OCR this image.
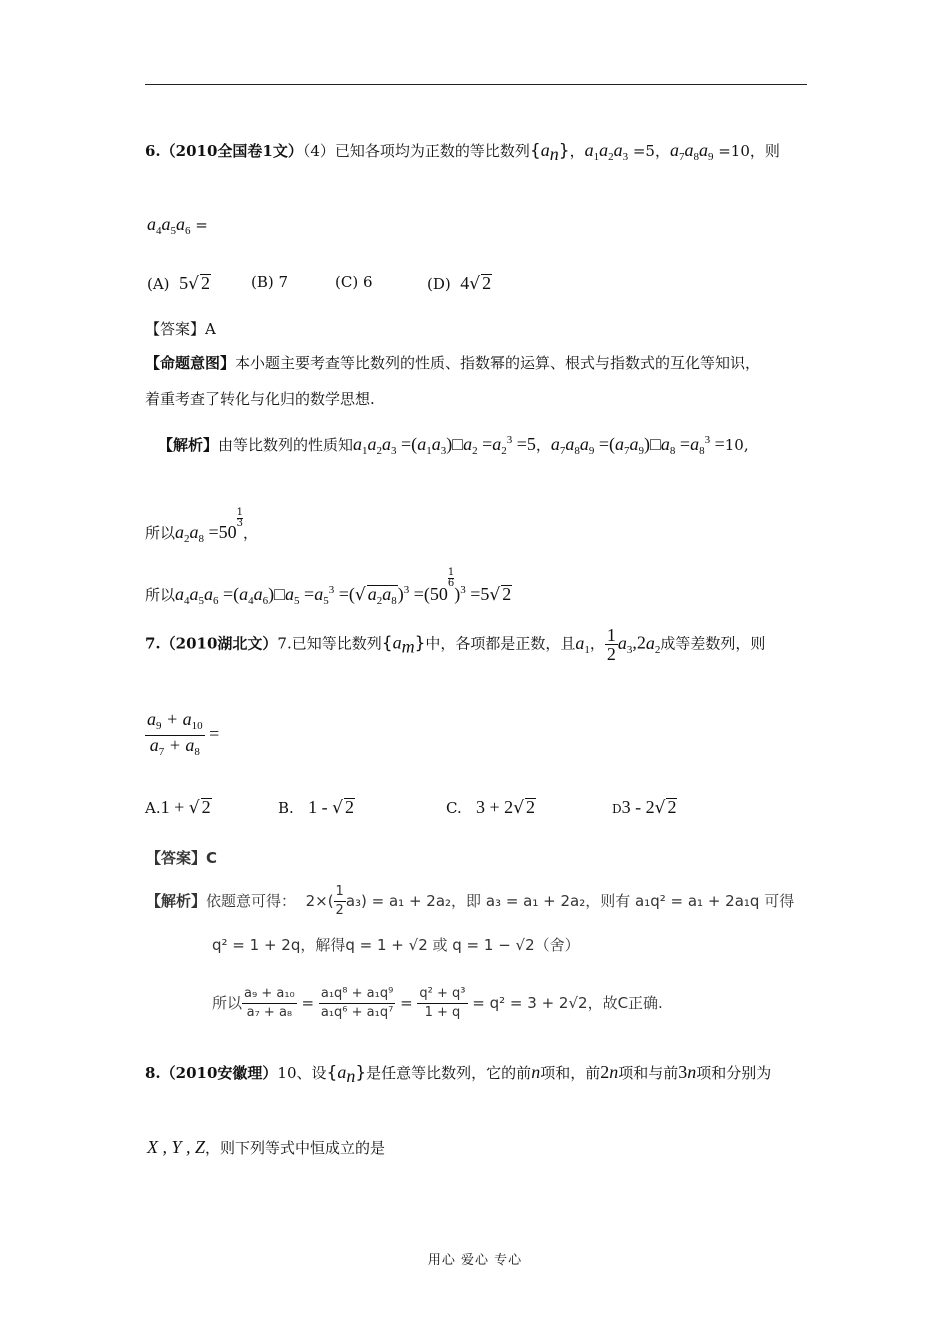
6.（2010全国卷1文）（4）已知各项均为正数的等比数列$\{a_n\}$，$a_1a_2a_3 =5$，$a_7a_8a_9 =10$，则
$a_4a_5a_6$ =
(A) 5√ 2	(B) 7	(C) 6	(D) 4√ 2
【答案】A
【命题意图】本小题主要考查等比数列的性质、指数幂的运算、根式与指数式的互化等知识，
着重考查了转化与化归的数学思想.
【解析】由等比数列的性质知$a_1a_2a_3$ $=(a_1a_3)□a_2 =a_2^3 =5$，$a_7a_8a_9$ $=(a_7a_9)□a_8 =a_8^3 =10$,
所以$a_2a_8 =50$
$\frac{1}{3}$
，
所以$a_4a_5a_6$ $=(a_4a_6)□a_5 =a_5^3$ =(√ $a_2a_8)^3 =(50$
$\frac{1}{6}$
)$^3$ =5√ 2
7.（2010湖北文）7.已知等比数列$\{a_m\}$中，各项都是正数，且$a_1$， $\frac{1}{2} a_3,2a_2$成等差数列，则
$\frac{a_9 + a_{10}}{a_7 + a_8}$ =
A.1 + √ 2	B. 1 - √ 2	C. 3 + 2√ 2	D3 - 2√ 2
【答案】C
【解析】依题意可得： $2\times( \frac{1}{2} a_3) = a_1 + 2a_2$，即 a₃ = a₁ + 2a₂，则有 a₁q² = a₁ + 2a₁q 可得
q² = 1 + 2q，解得q = 1 + √2 或 q = 1 − √2（舍）
所以 $\frac{\text{a₉ + a₁₀}}{\text{a₇ + a₈}} = \frac{\text{a₁q⁸ + a₁q⁹}}{\text{a₁q⁶ + a₁q⁷}} = \frac{\text{q² + q³}}{1 + q} = q^2 = 3 + 2√2$，故C正确.
8.（2010安徽理）10、设$\{a_n\}$是任意等比数列，它的前n项和，前2n项和与前3n项和分别为
X , Y , Z，则下列等式中恒成立的是
用心 爱心 专心
